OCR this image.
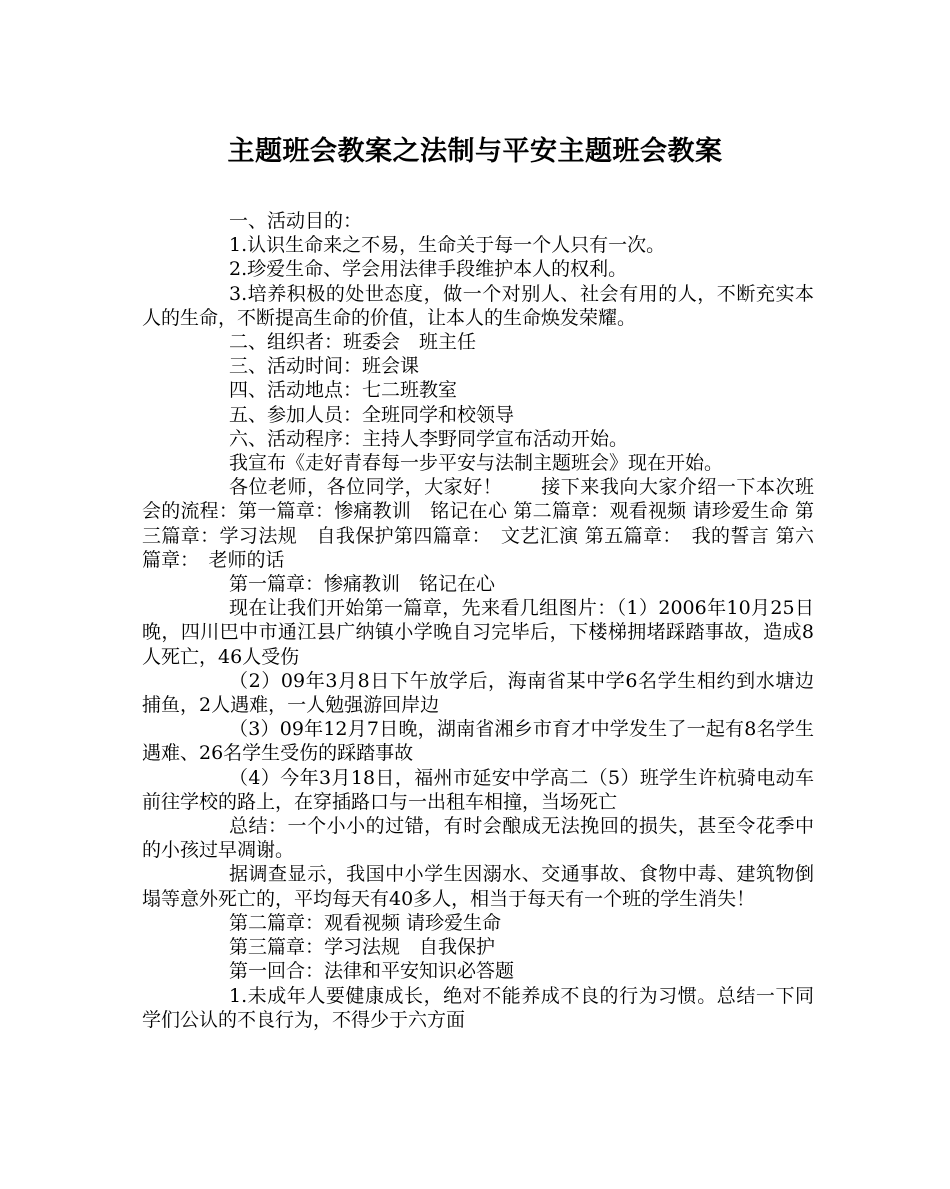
主题班会教案之法制与平安主题班会教案

一、活动目的：

1.认识生命来之不易，生命关于每一个人只有一次。

2.珍爱生命、学会用法律手段维护本人的权利。

3.培养积极的处世态度，做一个对别人、社会有用的人，不断充实本人的生命，不断提高生命的价值，让本人的生命焕发荣耀。

二、组织者：班委会　班主任

三、活动时间：班会课

四、活动地点：七二班教室

五、参加人员：全班同学和校领导

六、活动程序：主持人李野同学宣布活动开始。

我宣布《走好青春每一步平安与法制主题班会》现在开始。

各位老师，各位同学，大家好！　　接下来我向大家介绍一下本次班会的流程：第一篇章：惨痛教训　铭记在心 第二篇章：观看视频 请珍爱生命 第三篇章：学习法规　自我保护第四篇章：　文艺汇演 第五篇章：　我的誓言 第六篇章：　老师的话

第一篇章：惨痛教训　铭记在心

现在让我们开始第一篇章，先来看几组图片：（1）2006年10月25日晚，四川巴中市通江县广纳镇小学晚自习完毕后，下楼梯拥堵踩踏事故，造成8人死亡，46人受伤

（2）09年3月8日下午放学后，海南省某中学6名学生相约到水塘边捕鱼，2人遇难，一人勉强游回岸边

（3）09年12月7日晚，湖南省湘乡市育才中学发生了一起有8名学生遇难、26名学生受伤的踩踏事故

（4）今年3月18日，福州市延安中学高二（5）班学生许杭骑电动车前往学校的路上，在穿插路口与一出租车相撞，当场死亡

总结：一个小小的过错，有时会酿成无法挽回的损失，甚至令花季中的小孩过早凋谢。

据调查显示，我国中小学生因溺水、交通事故、食物中毒、建筑物倒塌等意外死亡的，平均每天有40多人，相当于每天有一个班的学生消失！

第二篇章：观看视频 请珍爱生命

第三篇章：学习法规　自我保护

第一回合：法律和平安知识必答题

1.未成年人要健康成长，绝对不能养成不良的行为习惯。总结一下同学们公认的不良行为，不得少于六方面
